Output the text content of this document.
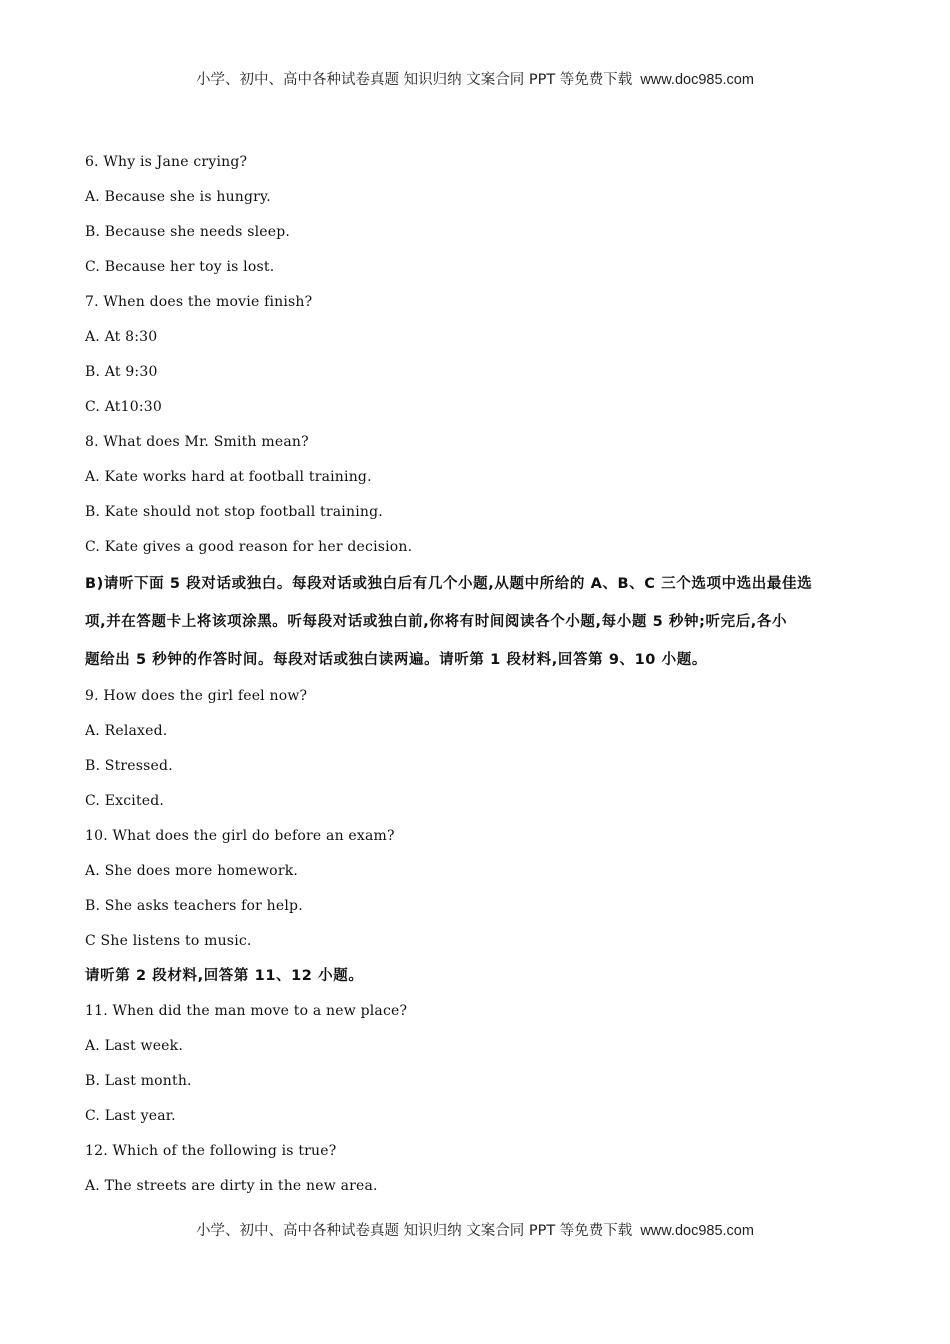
小学、初中、高中各种试卷真题 知识归纳 文案合同 PPT 等免费下载 www.doc985.com
6. Why is Jane crying?
A. Because she is hungry.
B. Because she needs sleep.
C. Because her toy is lost.
7. When does the movie finish?
A. At 8:30
B. At 9:30
C. At10:30
8. What does Mr. Smith mean?
A. Kate works hard at football training.
B. Kate should not stop football training.
C. Kate gives a good reason for her decision.
B)请听下面 5 段对话或独白。每段对话或独白后有几个小题,从题中所给的 A、B、C 三个选项中选出最佳选
项,并在答题卡上将该项涂黑。听每段对话或独白前,你将有时间阅读各个小题,每小题 5 秒钟;听完后,各小
题给出 5 秒钟的作答时间。每段对话或独白读两遍。请听第 1 段材料,回答第 9、10 小题。
9. How does the girl feel now?
A. Relaxed.
B. Stressed.
C. Excited.
10. What does the girl do before an exam?
A. She does more homework.
B. She asks teachers for help.
C She listens to music.
请听第 2 段材料,回答第 11、12 小题。
11. When did the man move to a new place?
A. Last week.
B. Last month.
C. Last year.
12. Which of the following is true?
A. The streets are dirty in the new area.
小学、初中、高中各种试卷真题 知识归纳 文案合同 PPT 等免费下载 www.doc985.com
